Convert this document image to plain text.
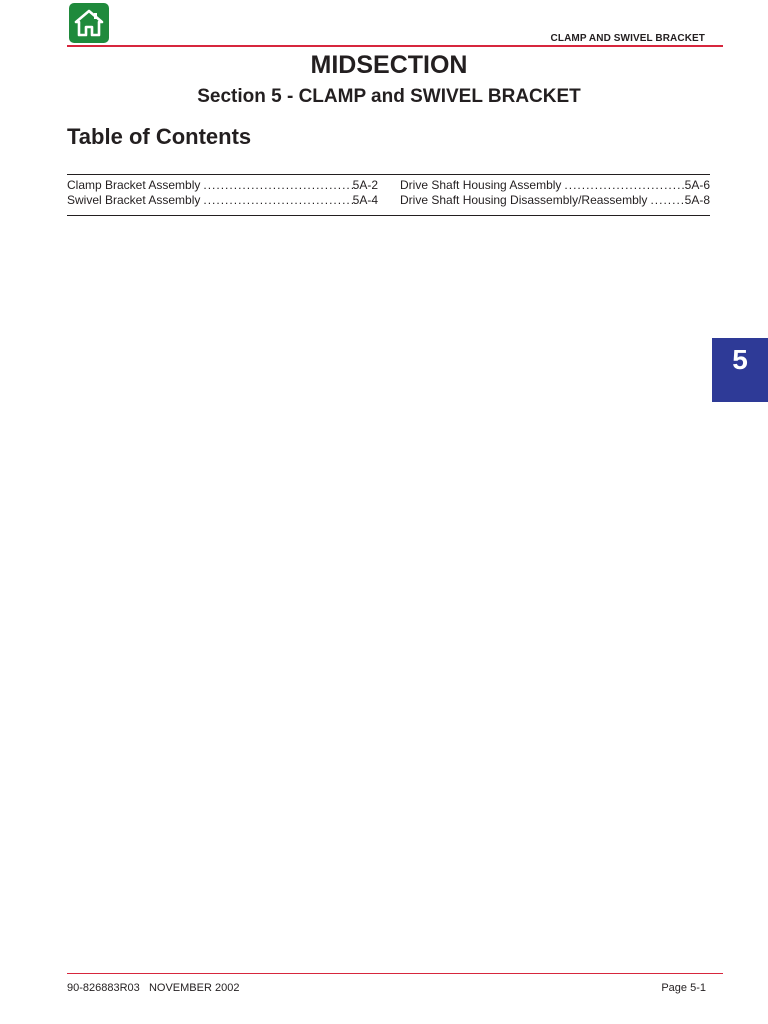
CLAMP AND SWIVEL BRACKET
MIDSECTION
Section 5 - CLAMP and SWIVEL BRACKET
Table of Contents
Clamp Bracket Assembly .....	5A-2
Swivel Bracket Assembly .....	5A-4
Drive Shaft Housing Assembly .....	5A-6
Drive Shaft Housing Disassembly/Reassembly .....	5A-8
5
90-826883R03   NOVEMBER 2002	Page 5-1
